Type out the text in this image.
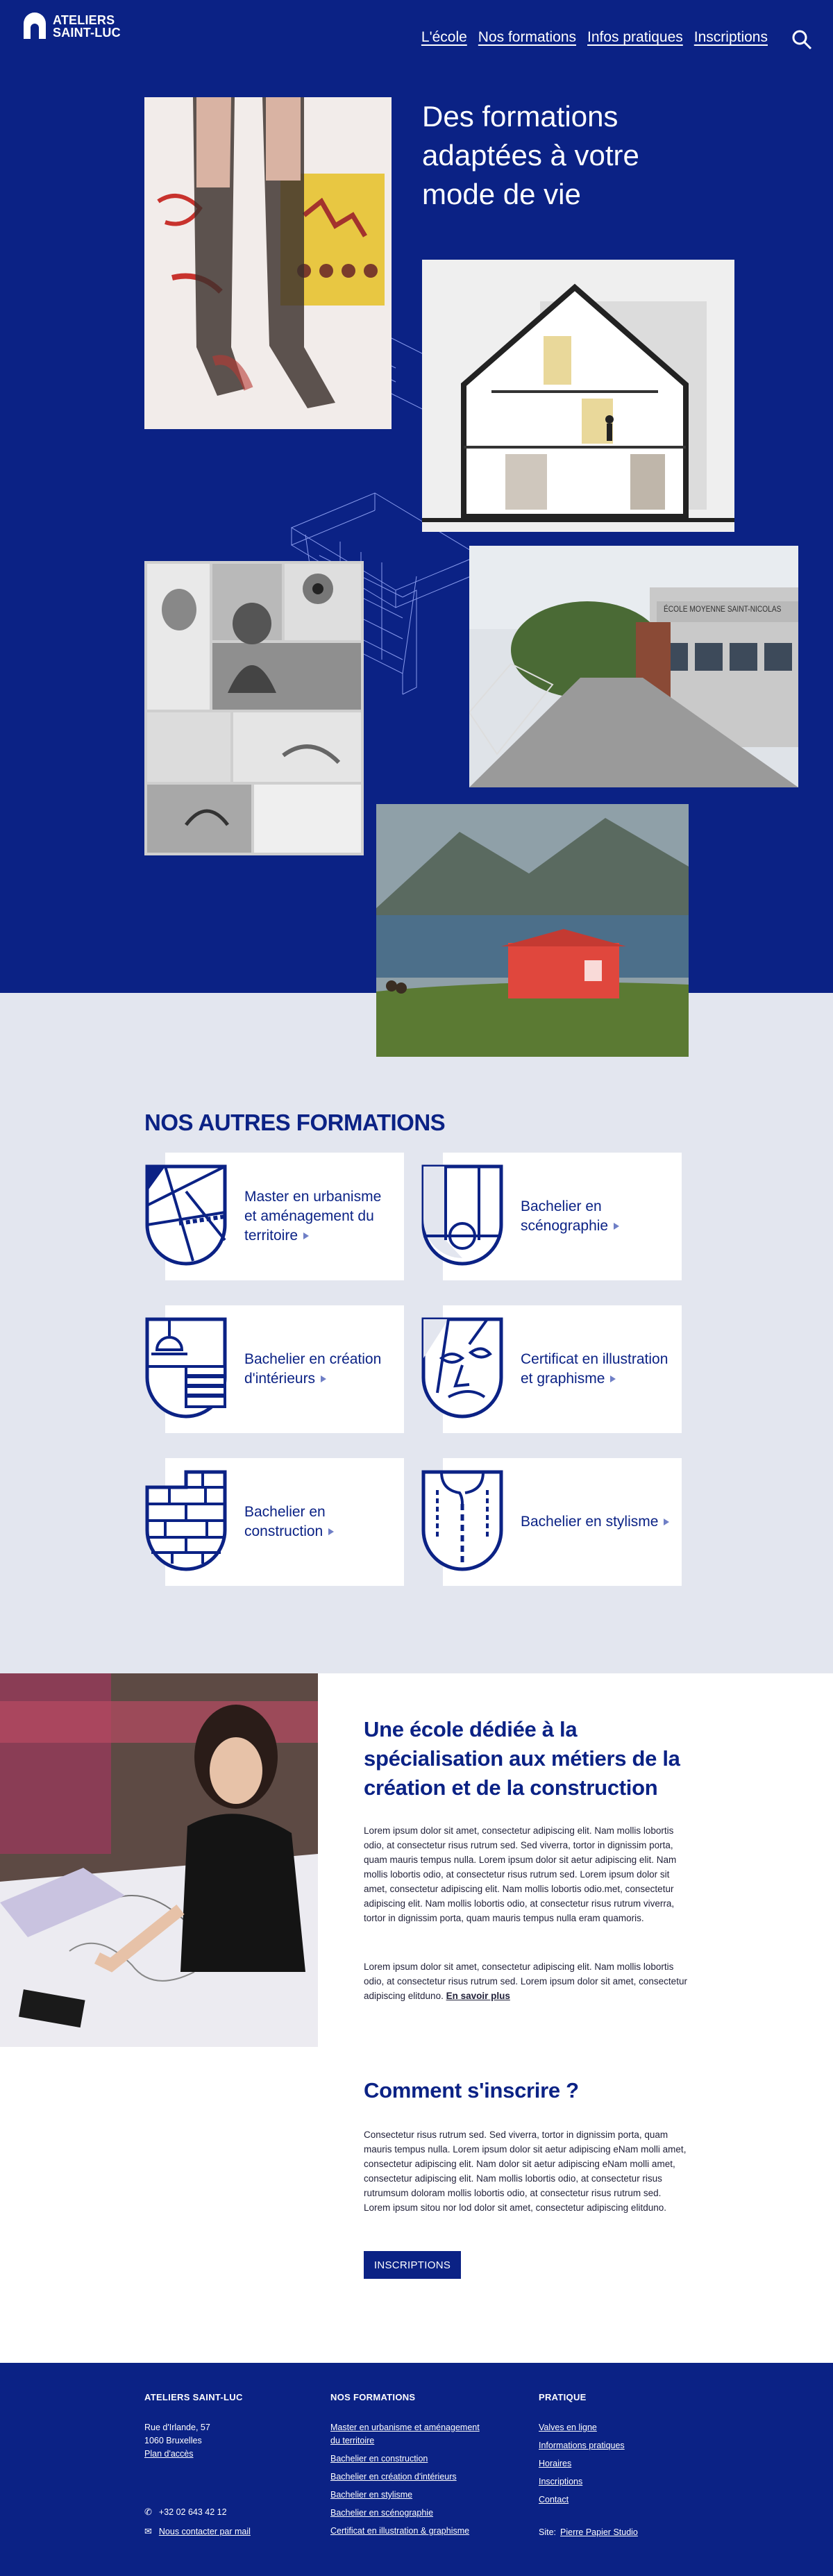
ATELIERS
SAINT-LUC	L'école Nos formations Infos pratiques Inscriptions
Des formations adaptées à votre mode de vie
ÉCOLE MOYENNE SAINT-NICOLAS
NOS AUTRES FORMATIONS
Master en urbanisme et aménagement du territoire
Bachelier en scénographie
Bachelier en création d'intérieurs
Certificat en illustration et graphisme
Bachelier en construction
Bachelier en stylisme
Une école dédiée à la spécialisation aux métiers de la création et de la construction

Lorem ipsum dolor sit amet, consectetur adipiscing elit. Nam mollis lobortis odio, at consectetur risus rutrum sed. Sed viverra, tortor in dignissim porta, quam mauris tempus nulla. Lorem ipsum dolor sit aetur adipiscing elit. Nam mollis lobortis odio, at consectetur risus rutrum sed. Lorem ipsum dolor sit amet, consectetur adipiscing elit. Nam mollis lobortis odio.met, consectetur adipiscing elit. Nam mollis lobortis odio, at consectetur risus rutrum viverra, tortor in dignissim porta, quam mauris tempus nulla eram quamoris.

Lorem ipsum dolor sit amet, consectetur adipiscing elit. Nam mollis lobortis odio, at consectetur risus rutrum sed. Lorem ipsum dolor sit amet, consectetur adipiscing elitduno. En savoir plus

Comment s'inscrire ?

Consectetur risus rutrum sed. Sed viverra, tortor in dignissim porta, quam mauris tempus nulla. Lorem ipsum dolor sit aetur adipiscing eNam molli amet, consectetur adipiscing elit. Nam dolor sit aetur adipiscing eNam molli amet, consectetur adipiscing elit. Nam mollis lobortis odio, at consectetur risus rutrumsum doloram mollis lobortis odio, at consectetur risus rutrum sed. Lorem ipsum sitou nor lod dolor sit amet, consectetur adipiscing elitduno.

INSCRIPTIONS
ATELIERS SAINT-LUC
Rue d'Irlande, 57
1060 Bruxelles
Plan d'accès
✆ +32 02 643 42 12
✉ Nous contacter par mail
NOS FORMATIONS
Master en urbanisme et aménagement du territoire
Bachelier en construction
Bachelier en création d'intérieurs
Bachelier en stylisme
Bachelier en scénographie
Certificat en illustration & graphisme
PRATIQUE
Valves en ligne
Informations pratiques
Horaires
Inscriptions
Contact
Site: Pierre Papier Studio
